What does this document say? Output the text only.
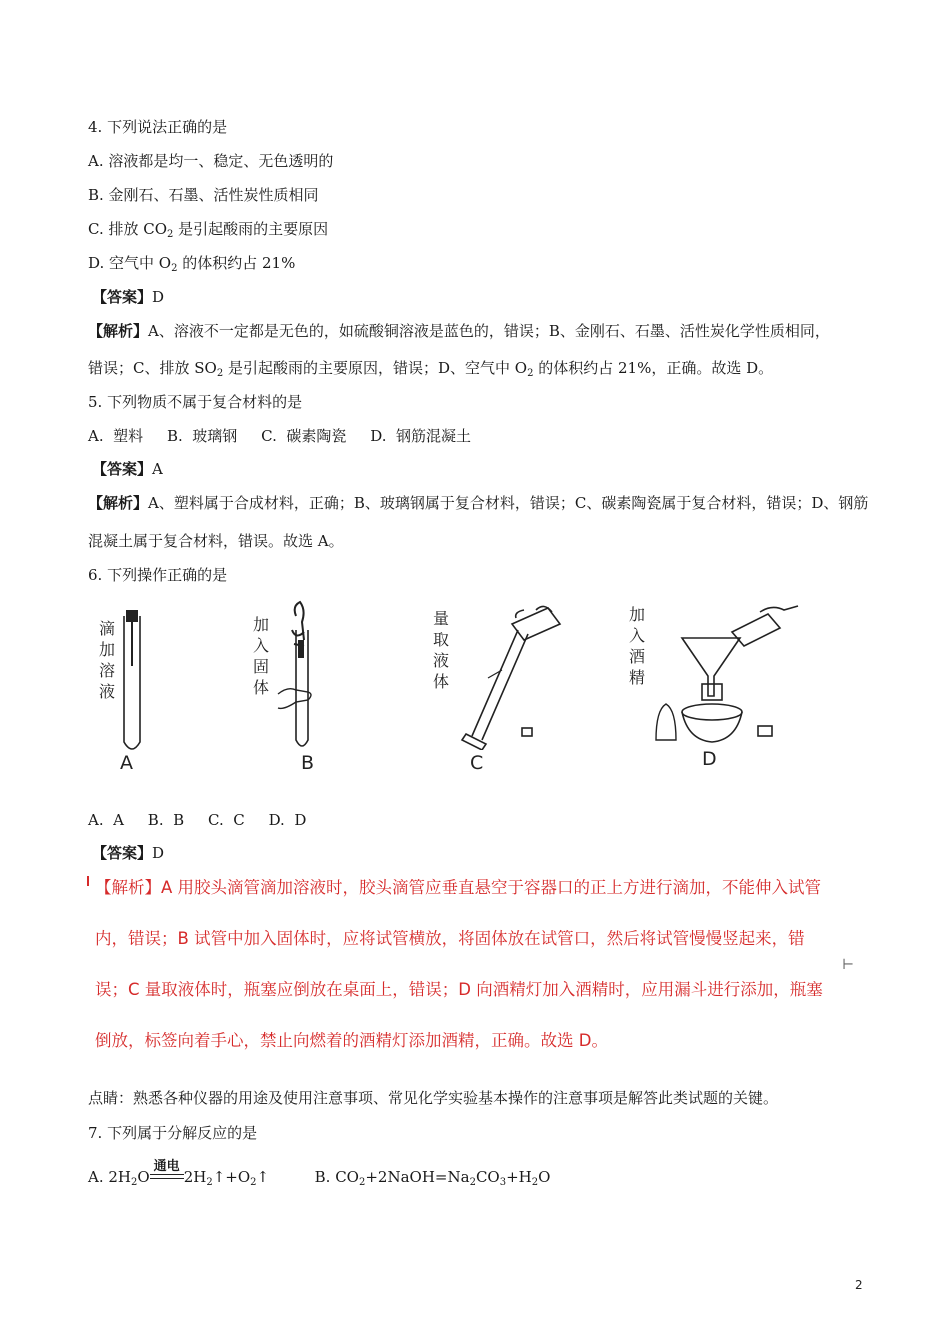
4. 下列说法正确的是
A. 溶液都是均一、稳定、无色透明的
B. 金刚石、石墨、活性炭性质相同
C. 排放 $CO_2$ 是引起酸雨的主要原因
D. 空气中 $O_2$ 的体积约占 21%
【答案】D
【解析】A、溶液不一定都是无色的，如硫酸铜溶液是蓝色的，错误；B、金刚石、石墨、活性炭化学性质相同，
错误；C、排放 $SO_2$ 是引起酸雨的主要原因，错误；D、空气中 $O_2$ 的体积约占 21%，正确。故选 D。
5. 下列物质不属于复合材料的是
A.  塑料     B.  玻璃钢     C.  碳素陶瓷     D.  钢筋混凝土
【答案】A
【解析】A、塑料属于合成材料，正确；B、玻璃钢属于复合材料，错误；C、碳素陶瓷属于复合材料，错误；D、钢筋
混凝土属于复合材料，错误。故选 A。
6. 下列操作正确的是
滴加溶液
A
加入固体
B
量取液体
C
加入酒精
D
A.  A     B.  B     C.  C     D.  D
【答案】D
【解析】A 用胶头滴管滴加溶液时，胶头滴管应垂直悬空于容器口的正上方进行滴加，不能伸入试管
内，错误；B 试管中加入固体时，应将试管横放，将固体放在试管口，然后将试管慢慢竖起来，错
误；C 量取液体时，瓶塞应倒放在桌面上，错误；D 向酒精灯加入酒精时，应用漏斗进行添加，瓶塞
倒放，标签向着手心，禁止向燃着的酒精灯添加酒精，正确。故选 D。
⊢
点睛：熟悉各种仪器的用途及使用注意事项、常见化学实验基本操作的注意事项是解答此类试题的关键。
7. 下列属于分解反应的是
A. $2H_2O$
通电
$2H_2↑+O_2↑$	B. $CO_2+2NaOH=Na_2CO_3+H_2O$
2
